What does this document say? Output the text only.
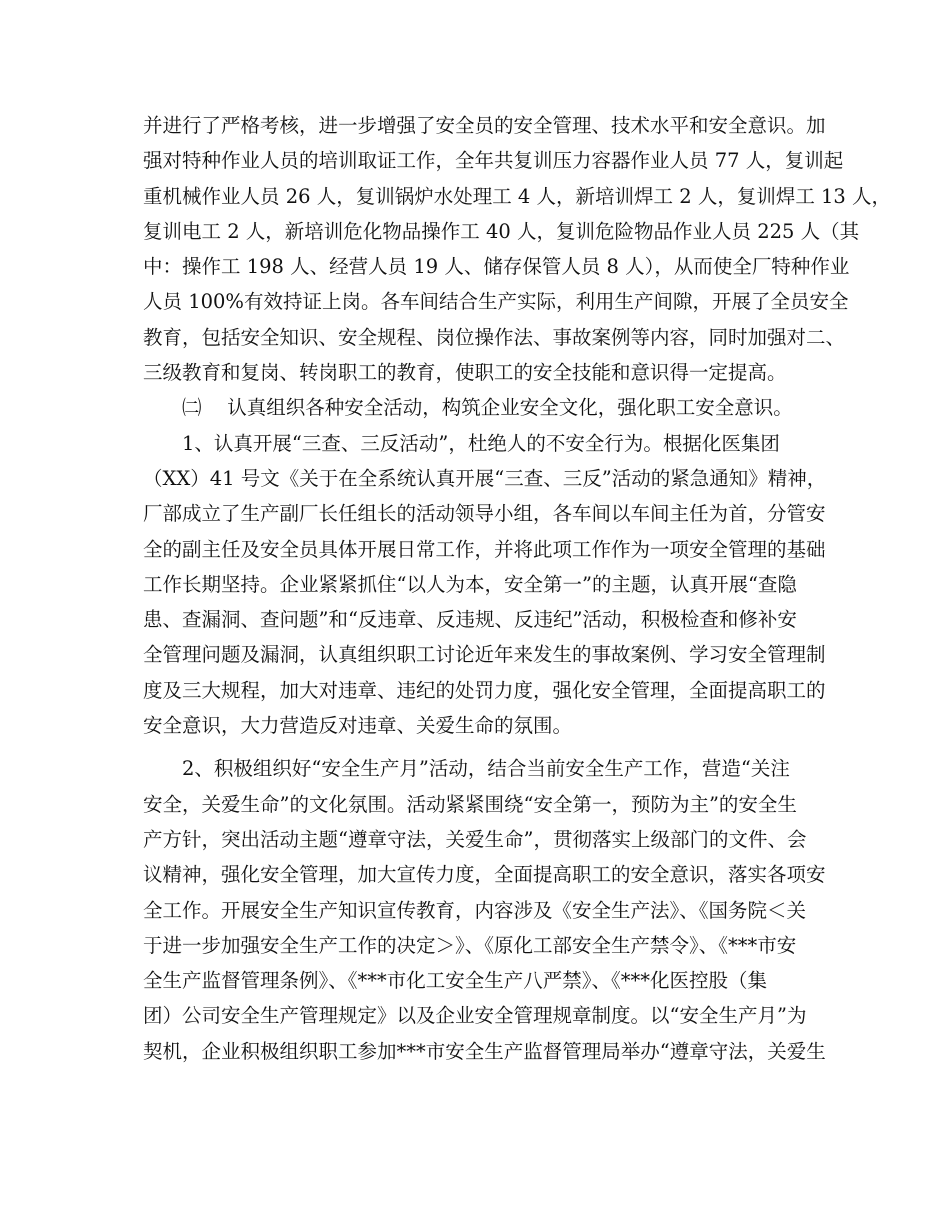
并进行了严格考核，进一步增强了安全员的安全管理、技术水平和安全意识。加
强对特种作业人员的培训取证工作，全年共复训压力容器作业人员 77 人，复训起
重机械作业人员 26 人，复训锅炉水处理工 4 人，新培训焊工 2 人，复训焊工 13 人，
复训电工 2 人，新培训危化物品操作工 40 人，复训危险物品作业人员 225 人（其
中：操作工 198 人、经营人员 19 人、储存保管人员 8 人），从而使全厂特种作业
人员 100%有效持证上岗。各车间结合生产实际，利用生产间隙，开展了全员安全
教育，包括安全知识、安全规程、岗位操作法、事故案例等内容，同时加强对二、
三级教育和复岗、转岗职工的教育，使职工的安全技能和意识得一定提高。
　　㈡　 认真组织各种安全活动，构筑企业安全文化，强化职工安全意识。
　　1、认真开展“三查、三反活动”，杜绝人的不安全行为。根据化医集团
（XX）41 号文《关于在全系统认真开展“三查、三反”活动的紧急通知》精神，
厂部成立了生产副厂长任组长的活动领导小组，各车间以车间主任为首，分管安
全的副主任及安全员具体开展日常工作，并将此项工作作为一项安全管理的基础
工作长期坚持。企业紧紧抓住“以人为本，安全第一”的主题，认真开展“查隐
患、查漏洞、查问题”和“反违章、反违规、反违纪”活动，积极检查和修补安
全管理问题及漏洞，认真组织职工讨论近年来发生的事故案例、学习安全管理制
度及三大规程，加大对违章、违纪的处罚力度，强化安全管理，全面提高职工的
安全意识，大力营造反对违章、关爱生命的氛围。
　　2、积极组织好“安全生产月”活动，结合当前安全生产工作，营造“关注
安全，关爱生命”的文化氛围。活动紧紧围绕“安全第一，预防为主”的安全生
产方针，突出活动主题“遵章守法，关爱生命”，贯彻落实上级部门的文件、会
议精神，强化安全管理，加大宣传力度，全面提高职工的安全意识，落实各项安
全工作。开展安全生产知识宣传教育，内容涉及《安全生产法》、《国务院＜关
于进一步加强安全生产工作的决定＞》、《原化工部安全生产禁令》、《***市安
全生产监督管理条例》、《***市化工安全生产八严禁》、《***化医控股（集
团）公司安全生产管理规定》以及企业安全管理规章制度。以“安全生产月”为
契机，企业积极组织职工参加***市安全生产监督管理局举办“遵章守法，关爱生
